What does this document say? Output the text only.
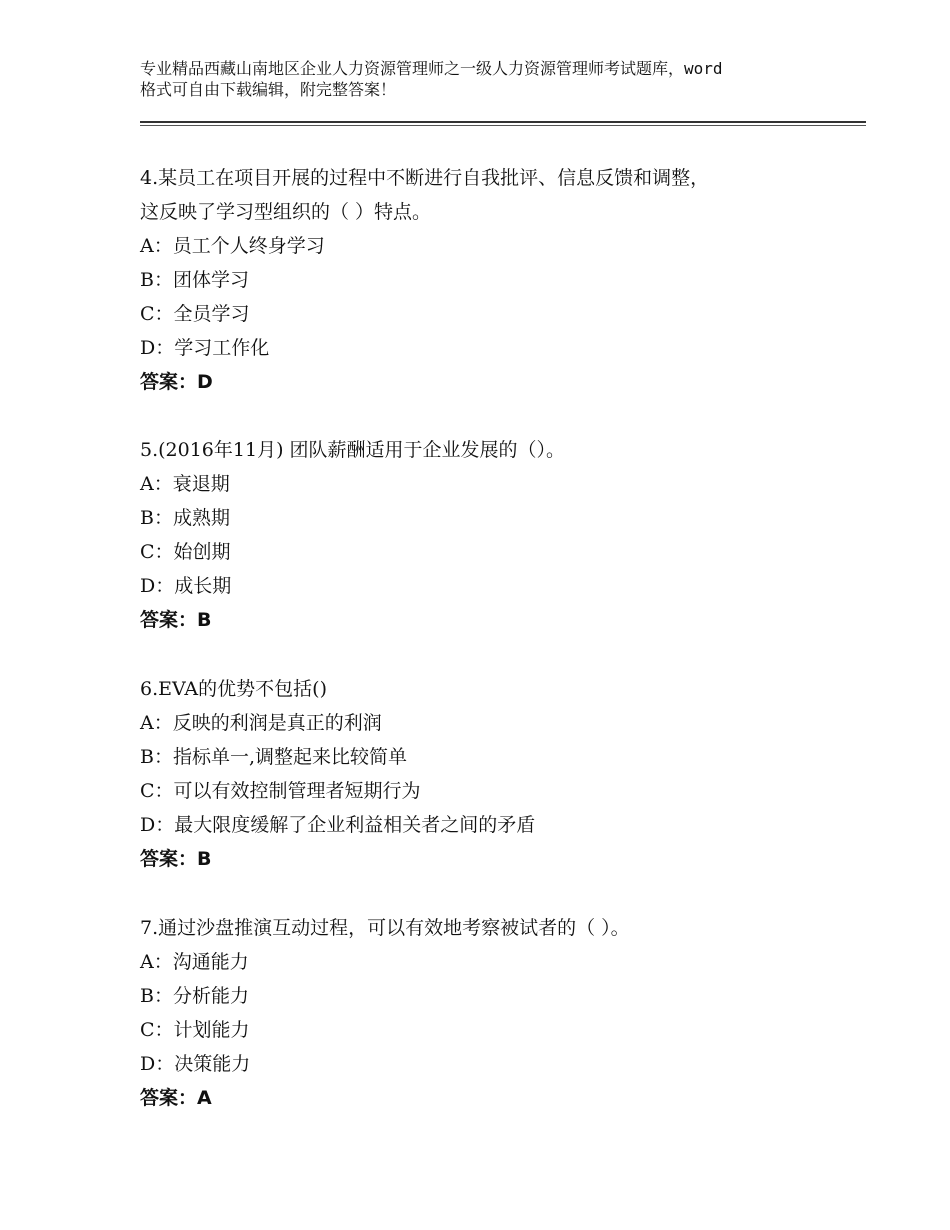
专业精品西藏山南地区企业人力资源管理师之一级人力资源管理师考试题库，word
格式可自由下载编辑，附完整答案！
4.某员工在项目开展的过程中不断进行自我批评、信息反馈和调整，
这反映了学习型组织的（ ）特点。
A：员工个人终身学习
B：团体学习
C：全员学习
D：学习工作化
答案：D
5.(2016年11月) 团队薪酬适用于企业发展的（）。
A：衰退期
B：成熟期
C：始创期
D：成长期
答案：B
6.EVA的优势不包括()
A：反映的利润是真正的利润
B：指标单一,调整起来比较简单
C：可以有效控制管理者短期行为
D：最大限度缓解了企业利益相关者之间的矛盾
答案：B
7.通过沙盘推演互动过程，可以有效地考察被试者的（ ）。
A：沟通能力
B：分析能力
C：计划能力
D：决策能力
答案：A
